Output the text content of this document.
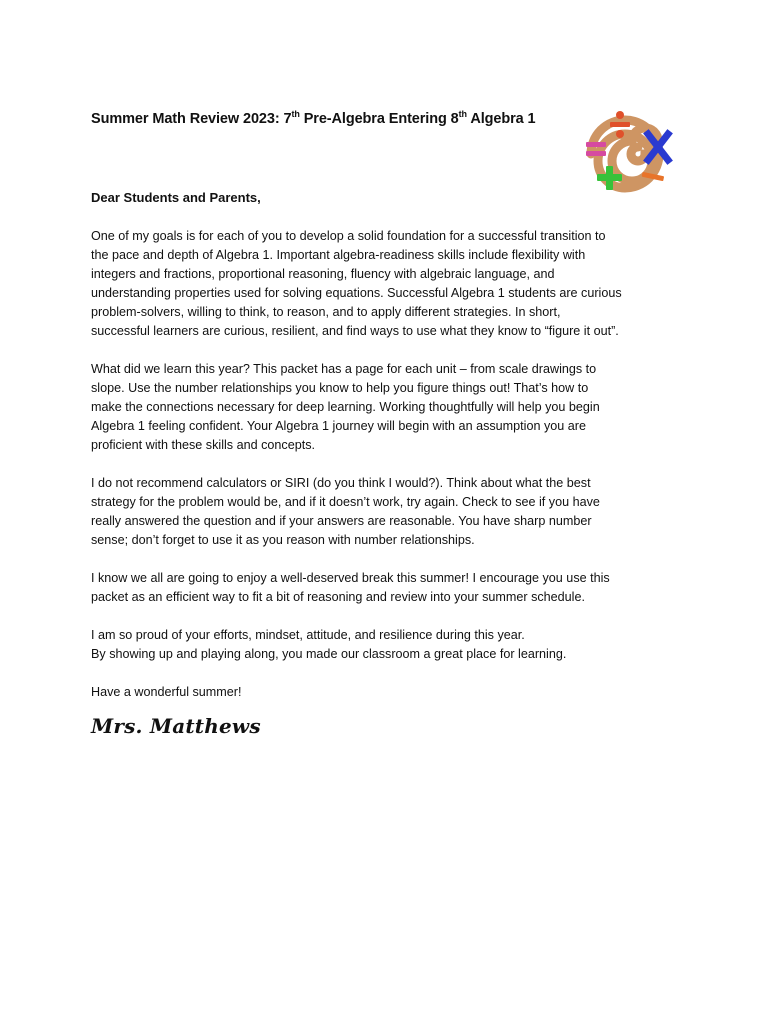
Summer Math Review 2023: 7th Pre-Algebra Entering 8th Algebra 1
Dear Students and Parents,

One of my goals is for each of you to develop a solid foundation for a successful transition to
the pace and depth of Algebra 1. Important algebra-readiness skills include flexibility with
integers and fractions, proportional reasoning, fluency with algebraic language, and
understanding properties used for solving equations. Successful Algebra 1 students are curious
problem-solvers, willing to think, to reason, and to apply different strategies. In short,
successful learners are curious, resilient, and find ways to use what they know to “figure it out”.

What did we learn this year? This packet has a page for each unit – from scale drawings to
slope. Use the number relationships you know to help you figure things out! That’s how to
make the connections necessary for deep learning. Working thoughtfully will help you begin
Algebra 1 feeling confident. Your Algebra 1 journey will begin with an assumption you are
proficient with these skills and concepts.

I do not recommend calculators or SIRI (do you think I would?). Think about what the best
strategy for the problem would be, and if it doesn’t work, try again. Check to see if you have
really answered the question and if your answers are reasonable. You have sharp number
sense; don’t forget to use it as you reason with number relationships.

I know we all are going to enjoy a well-deserved break this summer! I encourage you use this
packet as an efficient way to fit a bit of reasoning and review into your summer schedule.

I am so proud of your efforts, mindset, attitude, and resilience during this year.
By showing up and playing along, you made our classroom a great place for learning.

Have a wonderful summer!

Mrs. Matthews
